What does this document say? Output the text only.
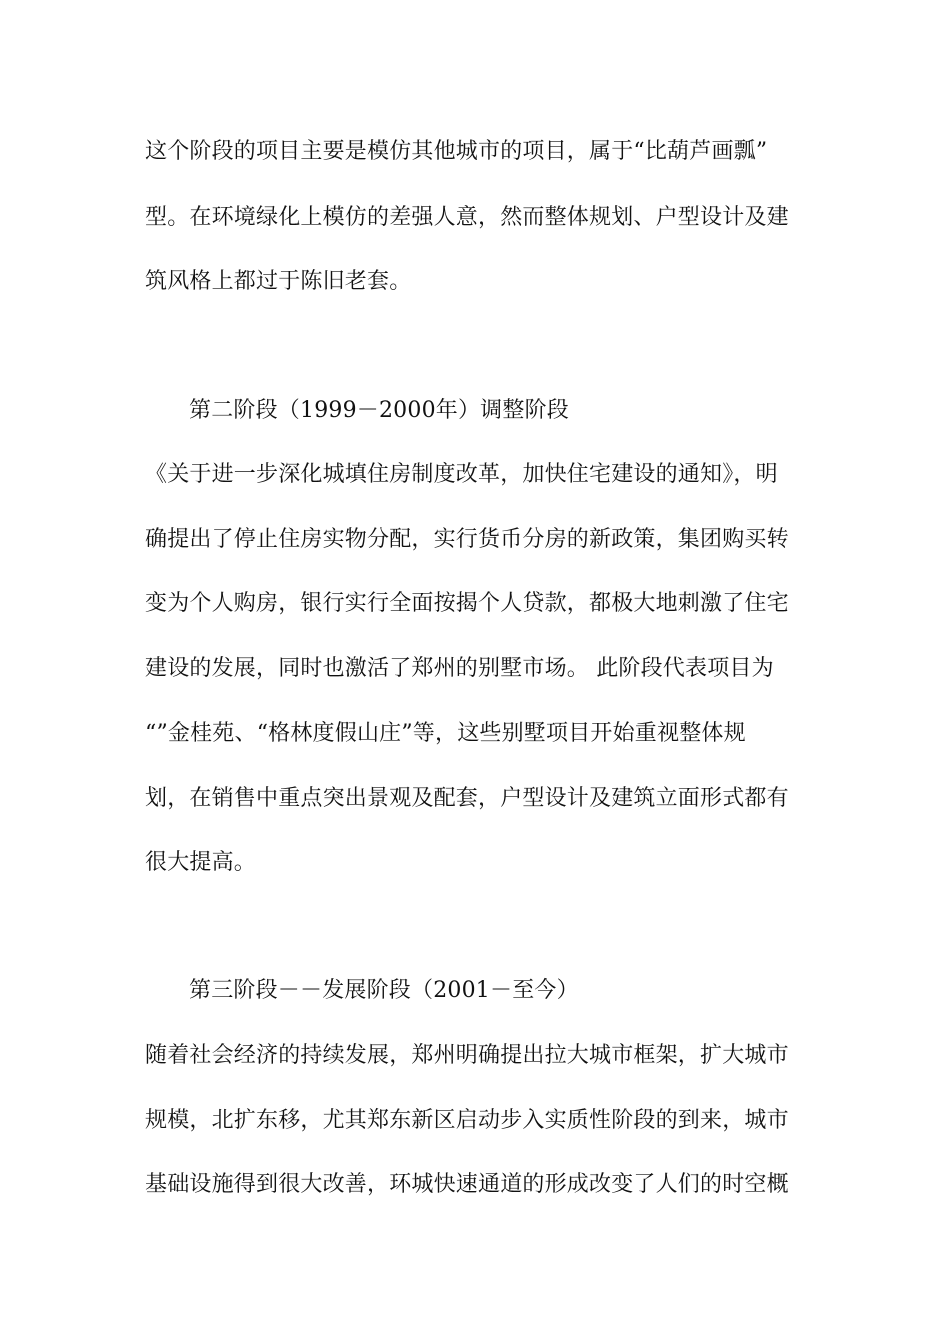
这个阶段的项目主要是模仿其他城市的项目，属于“比葫芦画瓢”
型。在环境绿化上模仿的差强人意，然而整体规划、户型设计及建
筑风格上都过于陈旧老套。
第二阶段（1999－2000年）调整阶段
《关于进一步深化城填住房制度改革，加快住宅建设的通知》，明
确提出了停止住房实物分配，实行货币分房的新政策，集团购买转
变为个人购房，银行实行全面按揭个人贷款，都极大地刺激了住宅
建设的发展，同时也激活了郑州的别墅市场。 此阶段代表项目为
“”金桂苑、“格林度假山庄”等，这些别墅项目开始重视整体规
划，在销售中重点突出景观及配套，户型设计及建筑立面形式都有
很大提高。
第三阶段－－发展阶段（2001－至今）
随着社会经济的持续发展，郑州明确提出拉大城市框架，扩大城市
规模，北扩东移，尤其郑东新区启动步入实质性阶段的到来，城市
基础设施得到很大改善，环城快速通道的形成改变了人们的时空概
